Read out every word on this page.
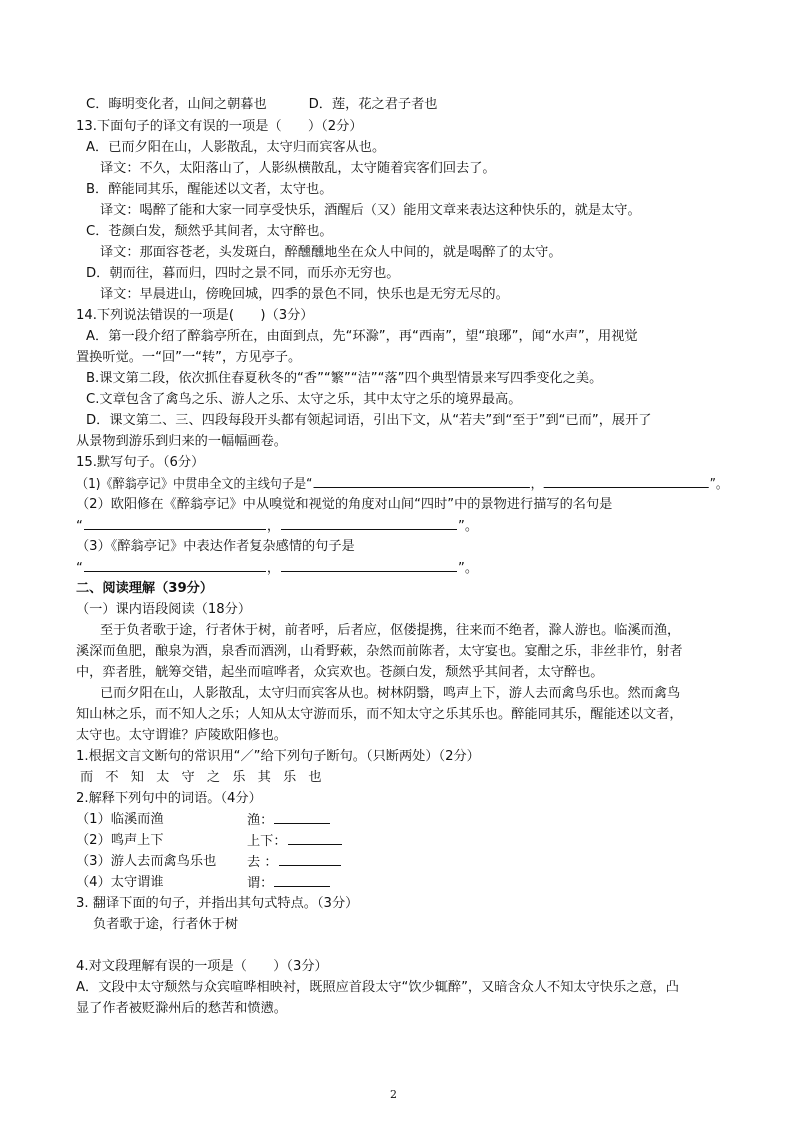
C．晦明变化者，山间之朝暮也	D．莲，花之君子者也
13.下面句子的译文有误的一项是（　　）（2分）
A．已而夕阳在山，人影散乱，太守归而宾客从也。
译文：不久，太阳落山了，人影纵横散乱，太守随着宾客们回去了。
B．醉能同其乐，醒能述以文者，太守也。
译文：喝醉了能和大家一同享受快乐，酒醒后（又）能用文章来表达这种快乐的，就是太守。
C．苍颜白发，颓然乎其间者，太守醉也。
译文：那面容苍老，头发斑白，醉醺醺地坐在众人中间的，就是喝醉了的太守。
D．朝而往，暮而归，四时之景不同，而乐亦无穷也。
译文：早晨进山，傍晚回城，四季的景色不同，快乐也是无穷无尽的。
14.下列说法错误的一项是(　　)（3分）
A．第一段介绍了醉翁亭所在，由面到点，先“环滁”，再“西南”，望“琅琊”，闻“水声”，用视觉
置换听觉。一“回”一“转”，方见亭子。
B.课文第二段，依次抓住春夏秋冬的“香”“繁”“洁”“落”四个典型情景来写四季变化之美。
C.文章包含了禽鸟之乐、游人之乐、太守之乐，其中太守之乐的境界最高。
D．课文第二、三、四段每段开头都有领起词语，引出下文，从“若夫”到“至于”到“已而”，展开了
从景物到游乐到归来的一幅幅画卷。
15.默写句子。（6分）
（1)《醉翁亭记》中贯串全文的主线句子是“	，	”。
（2）欧阳修在《醉翁亭记》中从嗅觉和视觉的角度对山间“四时”中的景物进行描写的名句是
“	，	”。
（3）《醉翁亭记》中表达作者复杂感情的句子是
“	，	”。
二、阅读理解（39分）
（一）课内语段阅读（18分）
至于负者歌于途，行者休于树，前者呼，后者应，伛偻提携，往来而不绝者，滁人游也。临溪而渔，
溪深而鱼肥，酿泉为酒，泉香而酒洌，山肴野蔌，杂然而前陈者，太守宴也。宴酣之乐，非丝非竹，射者
中，弈者胜，觥筹交错，起坐而喧哗者，众宾欢也。苍颜白发，颓然乎其间者，太守醉也。
已而夕阳在山，人影散乱，太守归而宾客从也。树林阴翳，鸣声上下，游人去而禽鸟乐也。然而禽鸟
知山林之乐，而不知人之乐；人知从太守游而乐，而不知太守之乐其乐也。醉能同其乐，醒能述以文者，
太守也。太守谓谁？庐陵欧阳修也。
1.根据文言文断句的常识用“／”给下列句子断句。（只断两处）（2分）
而 不 知 太 守 之 乐 其 乐 也
2.解释下列句中的词语。（4分）
（1）临溪而渔	渔：
（2）鸣声上下	上下：
（3）游人去而禽鸟乐也 去 ：
（4）太守谓谁	谓：
3. 翻译下面的句子，并指出其句式特点。（3分）
负者歌于途，行者休于树
4.对文段理解有误的一项是（　　）（3分）
A．文段中太守颓然与众宾喧哗相映衬，既照应首段太守“饮少辄醉”，又暗含众人不知太守快乐之意，凸
显了作者被贬滁州后的愁苦和愤懑。
2
